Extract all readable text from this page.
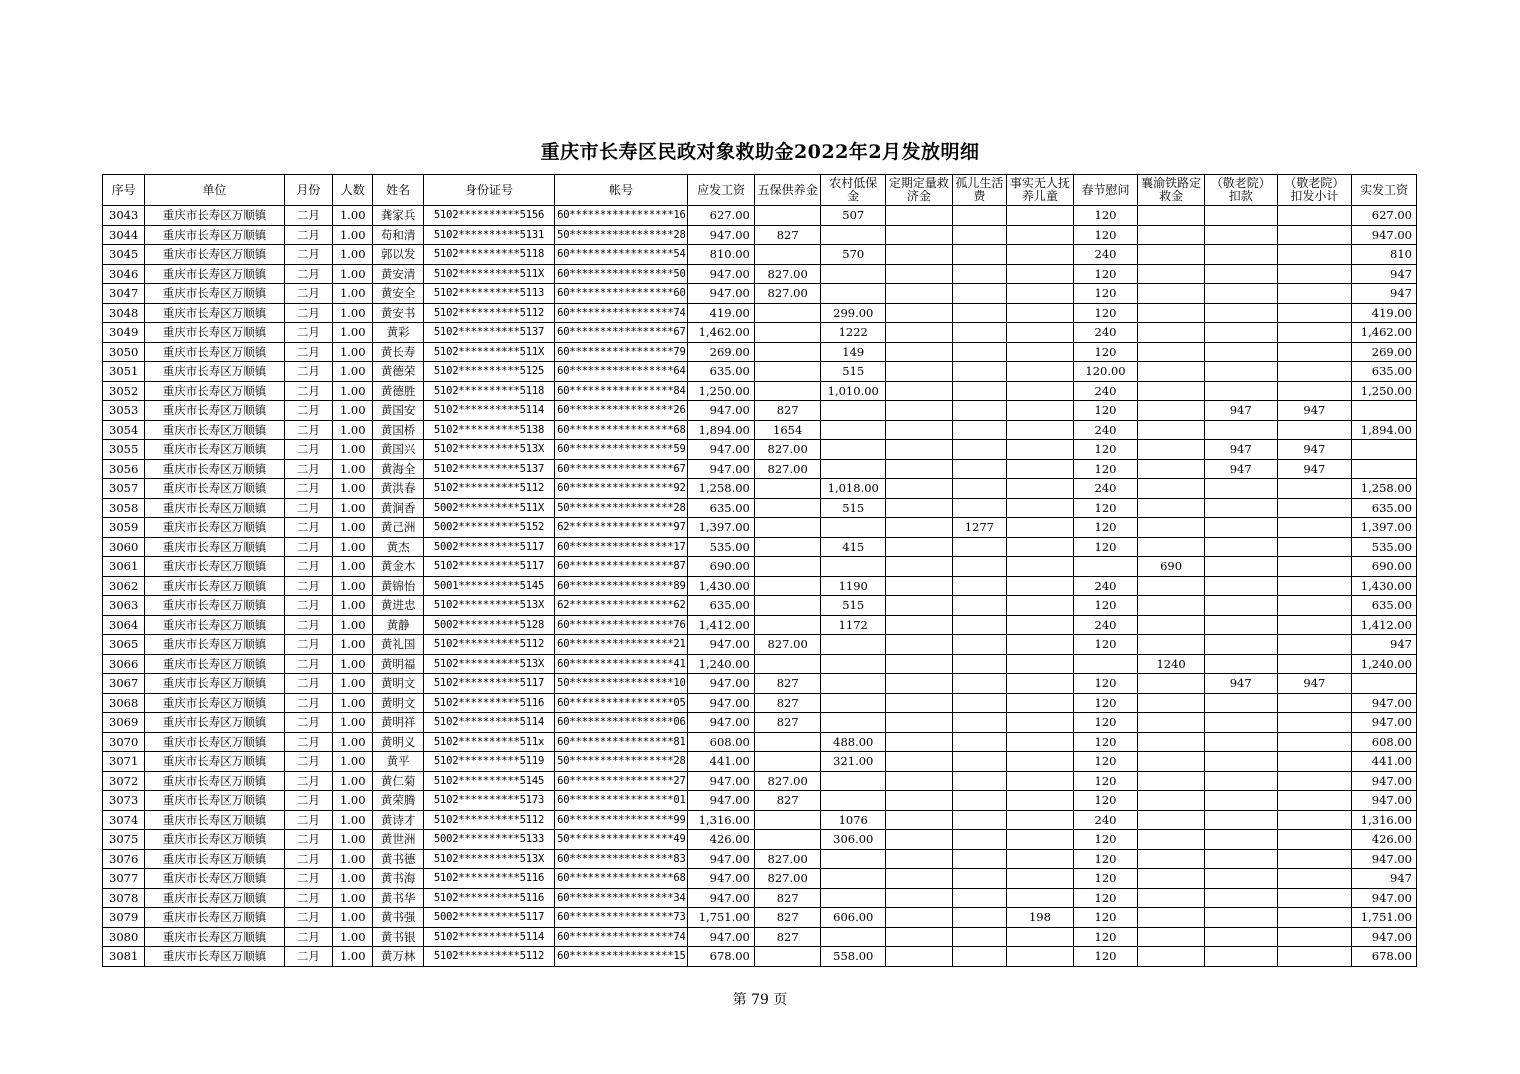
重庆市长寿区民政对象救助金2022年2月发放明细
序号	单位	月份	人数	姓名	身份证号	帐号	应发工资	五保供养金	农村低保金	定期定量救济金	孤儿生活费	事实无人抚养儿童	春节慰问	襄渝铁路定救金	（敬老院）扣款	（敬老院）扣发小计	实发工资
3043	重庆市长寿区万顺镇	二月	1.00	龚家兵	5102**********5156	60*****************16	627.00		507				120				627.00
3044	重庆市长寿区万顺镇	二月	1.00	苟和清	5102**********5131	50*****************28	947.00	827					120				947.00
3045	重庆市长寿区万顺镇	二月	1.00	郭以发	5102**********5118	60*****************54	810.00		570				240				810
3046	重庆市长寿区万顺镇	二月	1.00	黄安清	5102**********511X	60*****************50	947.00	827.00					120				947
3047	重庆市长寿区万顺镇	二月	1.00	黄安全	5102**********5113	60*****************60	947.00	827.00					120				947
3048	重庆市长寿区万顺镇	二月	1.00	黄安书	5102**********5112	60*****************74	419.00		299.00				120				419.00
3049	重庆市长寿区万顺镇	二月	1.00	黄彩	5102**********5137	60*****************67	1,462.00		1222				240				1,462.00
3050	重庆市长寿区万顺镇	二月	1.00	黄长寿	5102**********511X	60*****************79	269.00		149				120				269.00
3051	重庆市长寿区万顺镇	二月	1.00	黄德荣	5102**********5125	60*****************64	635.00		515				120.00				635.00
3052	重庆市长寿区万顺镇	二月	1.00	黄德胜	5102**********5118	60*****************84	1,250.00		1,010.00				240				1,250.00
3053	重庆市长寿区万顺镇	二月	1.00	黄国安	5102**********5114	60*****************26	947.00	827					120		947	947	
3054	重庆市长寿区万顺镇	二月	1.00	黄国桥	5102**********5138	60*****************68	1,894.00	1654					240				1,894.00
3055	重庆市长寿区万顺镇	二月	1.00	黄国兴	5102**********513X	60*****************59	947.00	827.00					120		947	947	
3056	重庆市长寿区万顺镇	二月	1.00	黄海全	5102**********5137	60*****************67	947.00	827.00					120		947	947	
3057	重庆市长寿区万顺镇	二月	1.00	黄洪春	5102**********5112	60*****************92	1,258.00		1,018.00				240				1,258.00
3058	重庆市长寿区万顺镇	二月	1.00	黄涧香	5002**********511X	50*****************28	635.00		515				120				635.00
3059	重庆市长寿区万顺镇	二月	1.00	黄己洲	5002**********5152	62*****************97	1,397.00				1277		120				1,397.00
3060	重庆市长寿区万顺镇	二月	1.00	黄杰	5002**********5117	60*****************17	535.00		415				120				535.00
3061	重庆市长寿区万顺镇	二月	1.00	黄金木	5102**********5117	60*****************87	690.00							690			690.00
3062	重庆市长寿区万顺镇	二月	1.00	黄锦怡	5001**********5145	60*****************89	1,430.00		1190				240				1,430.00
3063	重庆市长寿区万顺镇	二月	1.00	黄进忠	5102**********513X	62*****************62	635.00		515				120				635.00
3064	重庆市长寿区万顺镇	二月	1.00	黄静	5002**********5128	60*****************76	1,412.00		1172				240				1,412.00
3065	重庆市长寿区万顺镇	二月	1.00	黄礼国	5102**********5112	60*****************21	947.00	827.00					120				947
3066	重庆市长寿区万顺镇	二月	1.00	黄明福	5102**********513X	60*****************41	1,240.00							1240			1,240.00
3067	重庆市长寿区万顺镇	二月	1.00	黄明文	5102**********5117	50*****************10	947.00	827					120		947	947	
3068	重庆市长寿区万顺镇	二月	1.00	黄明文	5102**********5116	60*****************05	947.00	827					120				947.00
3069	重庆市长寿区万顺镇	二月	1.00	黄明祥	5102**********5114	60*****************06	947.00	827					120				947.00
3070	重庆市长寿区万顺镇	二月	1.00	黄明义	5102**********511x	60*****************81	608.00		488.00				120				608.00
3071	重庆市长寿区万顺镇	二月	1.00	黄平	5102**********5119	50*****************28	441.00		321.00				120				441.00
3072	重庆市长寿区万顺镇	二月	1.00	黄仁菊	5102**********5145	60*****************27	947.00	827.00					120				947.00
3073	重庆市长寿区万顺镇	二月	1.00	黄荣腾	5102**********5173	60*****************01	947.00	827					120				947.00
3074	重庆市长寿区万顺镇	二月	1.00	黄诗才	5102**********5112	60*****************99	1,316.00		1076				240				1,316.00
3075	重庆市长寿区万顺镇	二月	1.00	黄世洲	5002**********5133	50*****************49	426.00		306.00				120				426.00
3076	重庆市长寿区万顺镇	二月	1.00	黄书德	5102**********513X	60*****************83	947.00	827.00					120				947.00
3077	重庆市长寿区万顺镇	二月	1.00	黄书海	5102**********5116	60*****************68	947.00	827.00					120				947
3078	重庆市长寿区万顺镇	二月	1.00	黄书华	5102**********5116	60*****************34	947.00	827					120				947.00
3079	重庆市长寿区万顺镇	二月	1.00	黄书强	5002**********5117	60*****************73	1,751.00	827	606.00			198	120				1,751.00
3080	重庆市长寿区万顺镇	二月	1.00	黄书银	5102**********5114	60*****************74	947.00	827					120				947.00
3081	重庆市长寿区万顺镇	二月	1.00	黄万林	5102**********5112	60*****************15	678.00		558.00				120				678.00
第 79 页
